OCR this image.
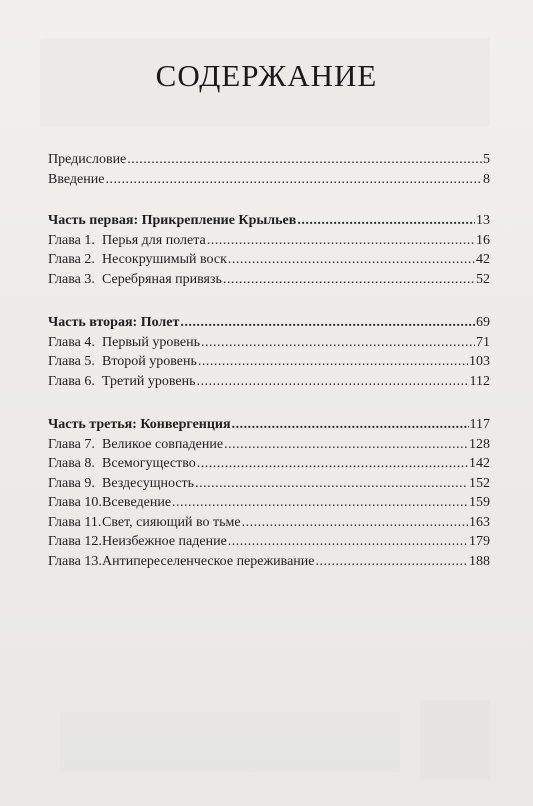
СОДЕРЖАНИЕ
Предисловие .....	5
Введение .....	8
Часть первая: Прикрепление Крыльев .....	13
Глава 1. Перья для полета .....	16
Глава 2. Несокрушимый воск .....	42
Глава 3. Серебряная привязь .....	52
Часть вторая: Полет .....	69
Глава 4. Первый уровень .....	71
Глава 5. Второй уровень .....	103
Глава 6. Третий уровень .....	112
Часть третья: Конвергенция .....	117
Глава 7. Великое совпадение .....	128
Глава 8. Всемогущество .....	142
Глава 9. Вездесущность .....	152
Глава 10.Всеведение .....	159
Глава 11.Свет, сияющий во тьме .....	163
Глава 12.Неизбежное падение .....	179
Глава 13.Антипереселенческое переживание .....	188
